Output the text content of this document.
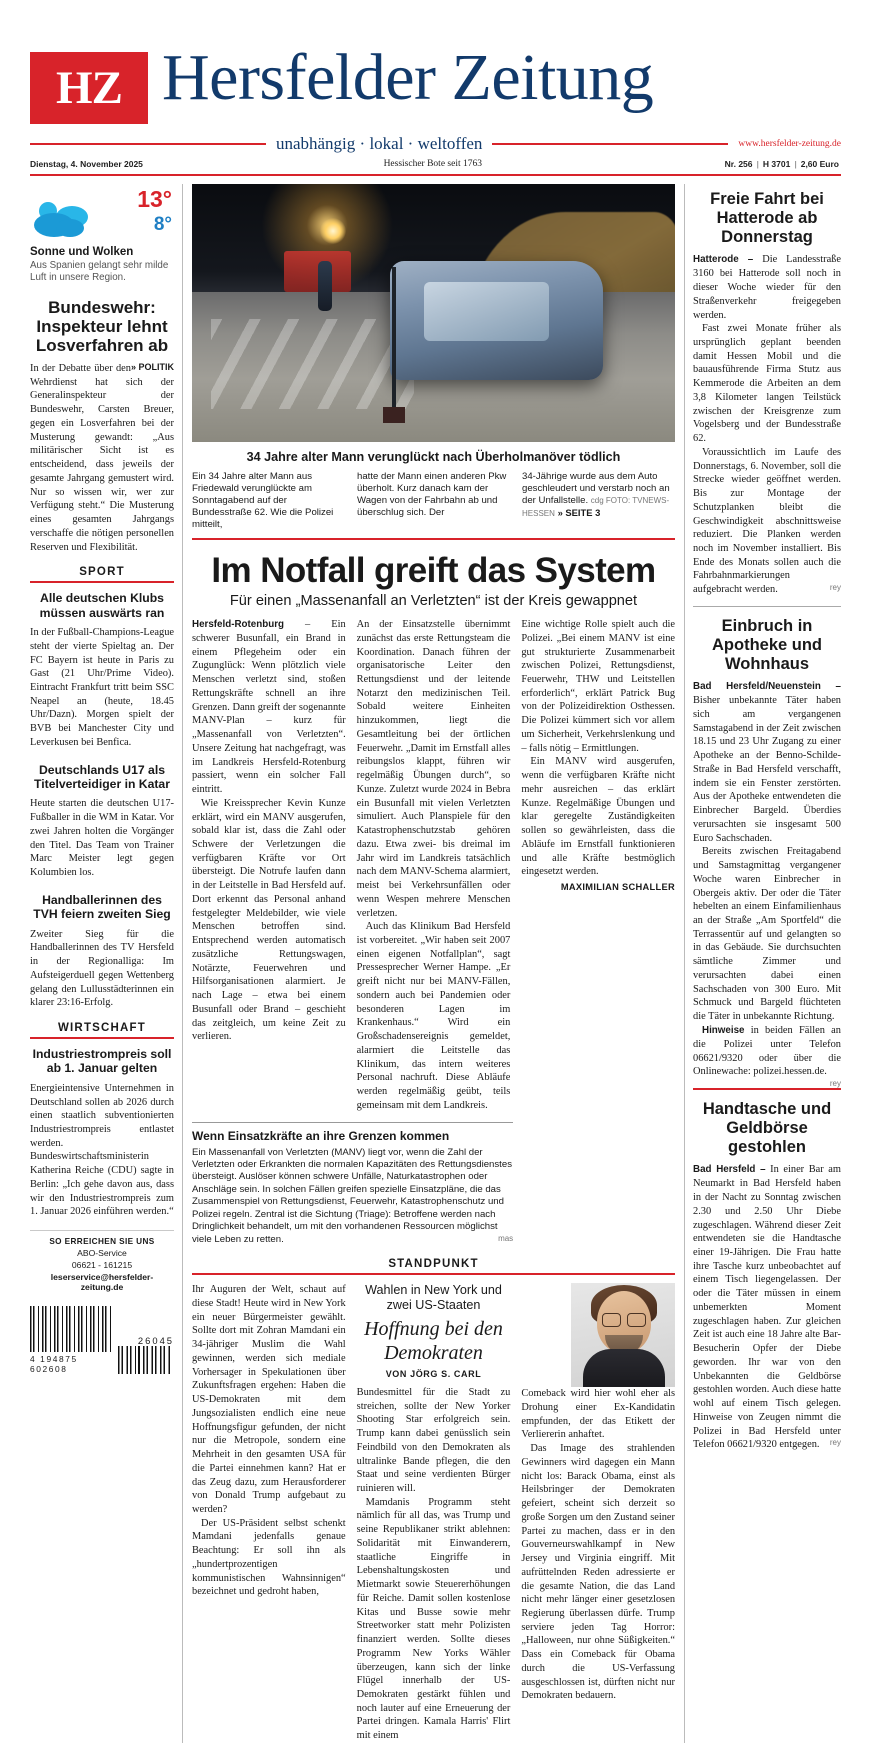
HZ Hersfelder Zeitung
unabhängig · lokal · weltoffen	www.hersfelder-zeitung.de
Dienstag, 4. November 2025	Hessischer Bote seit 1763	Nr. 256 | H 3701 | 2,60 Euro
13°
8°
Sonne und Wolken
Aus Spanien gelangt sehr milde Luft in unsere Region.
Bundeswehr: Inspekteur lehnt Losverfahren ab

» POLITIK
In der Debatte über den Wehrdienst hat sich der Generalinspekteur der Bundeswehr, Carsten Breuer, gegen ein Losverfahren bei der Musterung gewandt: „Aus militärischer Sicht ist es entscheidend, dass jeweils der gesamte Jahrgang gemustert wird. Nur so wissen wir, wer zur Verfügung steht.“ Die Musterung eines gesamten Jahrgangs verschaffe die nötigen personellen Reserven und Flexibilität.

SPORT
Alle deutschen Klubs müssen auswärts ran

In der Fußball-Champions-League steht der vierte Spieltag an. Der FC Bayern ist heute in Paris zu Gast (21 Uhr/Prime Video). Eintracht Frankfurt tritt beim SSC Neapel an (heute, 18.45 Uhr/Dazn). Morgen spielt der BVB bei Manchester City und Leverkusen bei Benfica.

Deutschlands U17 als Titelverteidiger in Katar

Heute starten die deutschen U17-Fußballer in die WM in Katar. Vor zwei Jahren holten die Vorgänger den Titel. Das Team von Trainer Marc Meister legt gegen Kolumbien los.

Handballerinnen des TVH feiern zweiten Sieg

Zweiter Sieg für die Handballerinnen des TV Hersfeld in der Regionalliga: Im Aufsteigerduell gegen Wettenberg gelang den Lullusstädterinnen ein klarer 23:16-Erfolg.

WIRTSCHAFT
Industriestrompreis soll ab 1. Januar gelten

Energieintensive Unternehmen in Deutschland sollen ab 2026 durch einen staatlich subventionierten Industriestrompreis entlastet werden. Bundeswirtschaftsministerin Katherina Reiche (CDU) sagte in Berlin: „Ich gehe davon aus, dass wir den Industriestrompreis zum 1. Januar 2026 einführen werden.“

SO ERREICHEN SIE UNS
ABO-Service
06621 - 161215
leserservice@hersfelder-zeitung.de
4 194875 602608
26045
34 Jahre alter Mann verunglückt nach Überholmanöver tödlich
Ein 34 Jahre alter Mann aus Friedewald verunglückte am Sonntagabend auf der Bundesstraße 62. Wie die Polizei mitteilt,
hatte der Mann einen anderen Pkw überholt. Kurz danach kam der Wagen von der Fahrbahn ab und überschlug sich. Der
34-Jährige wurde aus dem Auto geschleudert und verstarb noch an der Unfallstelle. cdg FOTO: TVNEWS-HESSEN » SEITE 3
Im Notfall greift das System
Für einen „Massenanfall an Verletzten“ ist der Kreis gewappnet

Hersfeld-Rotenburg – Ein schwerer Busunfall, ein Brand in einem Pflegeheim oder ein Zugunglück: Wenn plötzlich viele Menschen verletzt sind, stoßen Rettungskräfte schnell an ihre Grenzen. Dann greift der sogenannte MANV-Plan – kurz für „Massenanfall von Verletzten“. Unsere Zeitung hat nachgefragt, was im Landkreis Hersfeld-Rotenburg passiert, wenn ein solcher Fall eintritt.

Wie Kreissprecher Kevin Kunze erklärt, wird ein MANV ausgerufen, sobald klar ist, dass die Zahl oder Schwere der Verletzungen die verfügbaren Kräfte vor Ort übersteigt. Die Notrufe laufen dann in der Leitstelle in Bad Hersfeld auf. Dort erkennt das Personal anhand festgelegter Meldebilder, wie viele Menschen betroffen sind. Entsprechend werden automatisch zusätzliche Rettungswagen, Notärzte, Feuerwehren und Hilfsorganisationen alarmiert. Je nach Lage – etwa bei einem Busunfall oder Brand – geschieht das zeitgleich, um keine Zeit zu verlieren.

An der Einsatzstelle übernimmt zunächst das erste Rettungsteam die Koordination. Danach führen der organisatorische Leiter den Rettungsdienst und der leitende Notarzt den medizinischen Teil. Sobald weitere Einheiten hinzukommen, liegt die Gesamtleitung bei der örtlichen Feuerwehr. „Damit im Ernstfall alles reibungslos klappt, führen wir regelmäßig Übungen durch“, so Kunze. Zuletzt wurde 2024 in Bebra ein Busunfall mit vielen Verletzten simuliert. Auch Planspiele für den Katastrophenschutzstab gehören dazu. Etwa zwei- bis dreimal im Jahr wird im Landkreis tatsächlich nach dem MANV-Schema alarmiert, meist bei Verkehrsunfällen oder wenn Wespen mehrere Menschen verletzen.

Auch das Klinikum Bad Hersfeld ist vorbereitet. „Wir haben seit 2007 einen eigenen Notfallplan“, sagt Pressesprecher Werner Hampe. „Er greift nicht nur bei MANV-Fällen, sondern auch bei Pandemien oder besonderen Lagen im Krankenhaus.“ Wird ein Großschadensereignis gemeldet, alarmiert die Leitstelle das Klinikum, das intern weiteres Personal nachruft. Diese Abläufe werden regelmäßig geübt, teils gemeinsam mit dem Landkreis.

Eine wichtige Rolle spielt auch die Polizei. „Bei einem MANV ist eine gut strukturierte Zusammenarbeit zwischen Polizei, Rettungsdienst, Feuerwehr, THW und Leitstellen erforderlich“, erklärt Patrick Bug von der Polizeidirektion Osthessen. Die Polizei kümmert sich vor allem um Sicherheit, Verkehrslenkung und – falls nötig – Ermittlungen.

Ein MANV wird ausgerufen, wenn die verfügbaren Kräfte nicht mehr ausreichen – das erklärt Kunze. Regelmäßige Übungen und klar geregelte Zuständigkeiten sollen so gewährleisten, dass die Abläufe im Ernstfall funktionieren und alle Kräfte bestmöglich eingesetzt werden.

MAXIMILIAN SCHALLER
Wenn Einsatzkräfte an ihre Grenzen kommen
Ein Massenanfall von Verletzten (MANV) liegt vor, wenn die Zahl der Verletzten oder Erkrankten die normalen Kapazitäten des Rettungsdienstes übersteigt. Auslöser können schwere Unfälle, Naturkatastrophen oder Anschläge sein. In solchen Fällen greifen spezielle Einsatzpläne, die das Zusammenspiel von Rettungsdienst, Feuerwehr, Katastrophenschutz und Polizei regeln. Zentral ist die Sichtung (Triage): Betroffene werden nach Dringlichkeit behandelt, um mit den vorhandenen Ressourcen möglichst viele Leben zu retten.	mas
STANDPUNKT

Ihr Auguren der Welt, schaut auf diese Stadt! Heute wird in New York ein neuer Bürgermeister gewählt. Sollte dort mit Zohran Mamdani ein 34-jähriger Muslim die Wahl gewinnen, werden sich mediale Vorhersager in Spekulationen über Zukunftsfragen ergehen: Haben die US-Demokraten mit dem Jungsozialisten endlich eine neue Hoffnungsfigur gefunden, der nicht nur die Metropole, sondern eine Mehrheit in den gesamten USA für die Partei einnehmen kann? Hat er das Zeug dazu, zum Herausforderer von Donald Trump aufgebaut zu werden?

Der US-Präsident selbst schenkt Mamdani jedenfalls genaue Beachtung: Er soll ihn als „hundertprozentigen kommunistischen Wahnsinnigen“ bezeichnet und gedroht haben,

Wahlen in New York und zwei US-Staaten
Hoffnung bei den Demokraten
VON JÖRG S. CARL

Bundesmittel für die Stadt zu streichen, sollte der New Yorker Shooting Star erfolgreich sein. Trump kann dabei genüsslich sein Feindbild von den Demokraten als ultralinke Bande pflegen, die den Staat und seine verdienten Bürger ruinieren will.

Mamdanis Programm steht nämlich für all das, was Trump und seine Republikaner strikt ablehnen: Solidarität mit Einwanderern, staatliche Eingriffe in Lebenshaltungskosten und Mietmarkt sowie Steuererhöhungen für Reiche. Damit sollen kostenlose Kitas und Busse sowie mehr Streetworker statt mehr Polizisten finanziert werden. Sollte dieses Programm New Yorks Wähler überzeugen, kann sich der linke Flügel innerhalb der US-Demokraten gestärkt fühlen und noch lauter auf eine Erneuerung der Partei dringen. Kamala Harris' Flirt mit einem

Comeback wird hier wohl eher als Drohung einer Ex-Kandidatin empfunden, der das Etikett der Verliererin anhaftet.

Das Image des strahlenden Gewinners wird dagegen ein Mann nicht los: Barack Obama, einst als Heilsbringer der Demokraten gefeiert, scheint sich derzeit so große Sorgen um den Zustand seiner Partei zu machen, dass er in den Gouverneurswahlkampf in New Jersey und Virginia eingriff. Mit aufrüttelnden Reden adressierte er die gesamte Nation, die das Land nicht mehr länger einer gesetzlosen Regierung überlassen dürfe. Trump serviere jeden Tag Horror: „Halloween, nur ohne Süßigkeiten.“ Dass ein Comeback für Obama durch die US-Verfassung ausgeschlossen ist, dürften nicht nur Demokraten bedauern.

Freie Fahrt bei Hatterode ab Donnerstag

Hatterode – Die Landesstraße 3160 bei Hatterode soll noch in dieser Woche wieder für den Straßenverkehr freigegeben werden.

Fast zwei Monate früher als ursprünglich geplant beenden damit Hessen Mobil und die bauausführende Firma Stutz aus Kemmerode die Arbeiten an dem 3,8 Kilometer langen Teilstück zwischen der Kreisgrenze zum Vogelsberg und der Bundesstraße 62.

Voraussichtlich im Laufe des Donnerstags, 6. November, soll die Strecke wieder geöffnet werden. Bis zur Montage der Schutzplanken bleibt die Geschwindigkeit abschnittsweise reduziert. Die Planken werden noch im November installiert. Bis Ende des Monats sollen auch die Fahrbahnmarkierungen aufgebracht werden.	rey

Einbruch in Apotheke und Wohnhaus

Bad Hersfeld/Neuenstein – Bisher unbekannte Täter haben sich am vergangenen Samstagabend in der Zeit zwischen 18.15 und 23 Uhr Zugang zu einer Apotheke an der Benno-Schilde-Straße in Bad Hersfeld verschafft, indem sie ein Fenster zerstörten. Aus der Apotheke entwendeten die Einbrecher Bargeld. Überdies verursachten sie insgesamt 500 Euro Sachschaden.

Bereits zwischen Freitagabend und Samstagmittag vergangener Woche waren Einbrecher in Obergeis aktiv. Der oder die Täter hebelten an einem Einfamilienhaus an der Straße „Am Sportfeld“ die Terrassentür auf und gelangten so in das Gebäude. Sie durchsuchten sämtliche Zimmer und verursachten dabei einen Sachschaden von 300 Euro. Mit Schmuck und Bargeld flüchteten die Täter in unbekannte Richtung.

Hinweise in beiden Fällen an die Polizei unter Telefon 06621/9320 oder über die Onlinewache: polizei.hessen.de.
rey

Handtasche und Geldbörse gestohlen

Bad Hersfeld – In einer Bar am Neumarkt in Bad Hersfeld haben in der Nacht zu Sonntag zwischen 2.30 und 2.50 Uhr Diebe zugeschlagen. Während dieser Zeit entwendeten sie die Handtasche einer 19-Jährigen. Die Frau hatte ihre Tasche kurz unbeobachtet auf einem Tisch liegengelassen. Der oder die Täter müssen in einem unbemerkten Moment zugeschlagen haben. Zur gleichen Zeit ist auch eine 18 Jahre alte Bar-Besucherin Opfer der Diebe geworden. Ihr war von den Unbekannten die Geldbörse gestohlen worden. Auch diese hatte wohl auf einem Tisch gelegen. Hinweise von Zeugen nimmt die Polizei in Bad Hersfeld unter Telefon 06621/9320 entgegen. rey
